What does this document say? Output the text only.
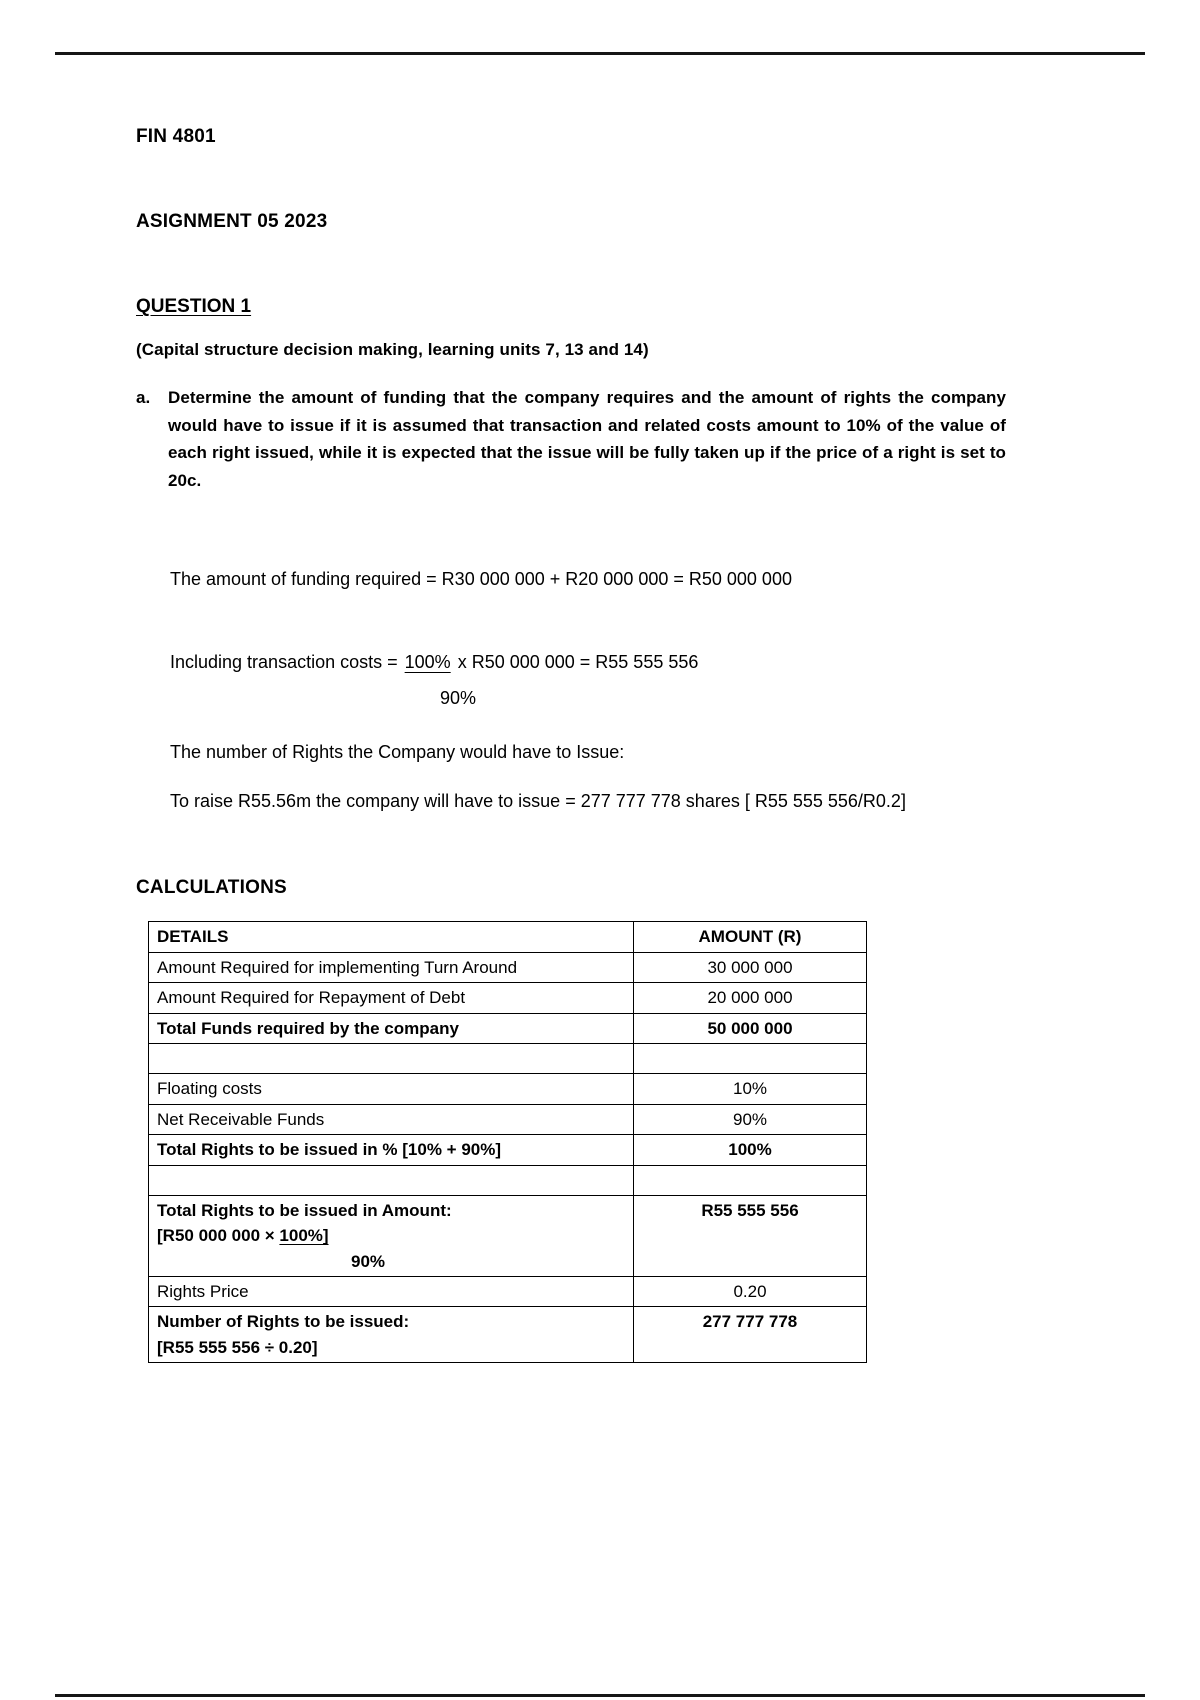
FIN 4801

ASIGNMENT 05 2023

QUESTION 1

(Capital structure decision making, learning units 7, 13 and 14)

a. Determine the amount of funding that the company requires and the amount of rights the company would have to issue if it is assumed that transaction and related costs amount to 10% of the value of each right issued, while it is expected that the issue will be fully taken up if the price of a right is set to 20c.

The amount of funding required = R30 000 000 + R20 000 000 = R50 000 000

Including transaction costs = 100% x R50 000 000 = R55 555 556

90%

The number of Rights the Company would have to Issue:

To raise R55.56m the company will have to issue = 277 777 778 shares [ R55 555 556/R0.2]

CALCULATIONS

DETAILS	AMOUNT (R)
Amount Required for implementing Turn Around	30 000 000
Amount Required for Repayment of Debt	20 000 000
Total Funds required by the company	50 000 000

Floating costs	10%
Net Receivable Funds	90%
Total Rights to be issued in % [10% + 90%]	100%

Total Rights to be issued in Amount:
[R50 000 000 × 100%]
90%	R55 555 556
Rights Price	0.20
Number of Rights to be issued:
[R55 555 556 ÷ 0.20]	277 777 778
